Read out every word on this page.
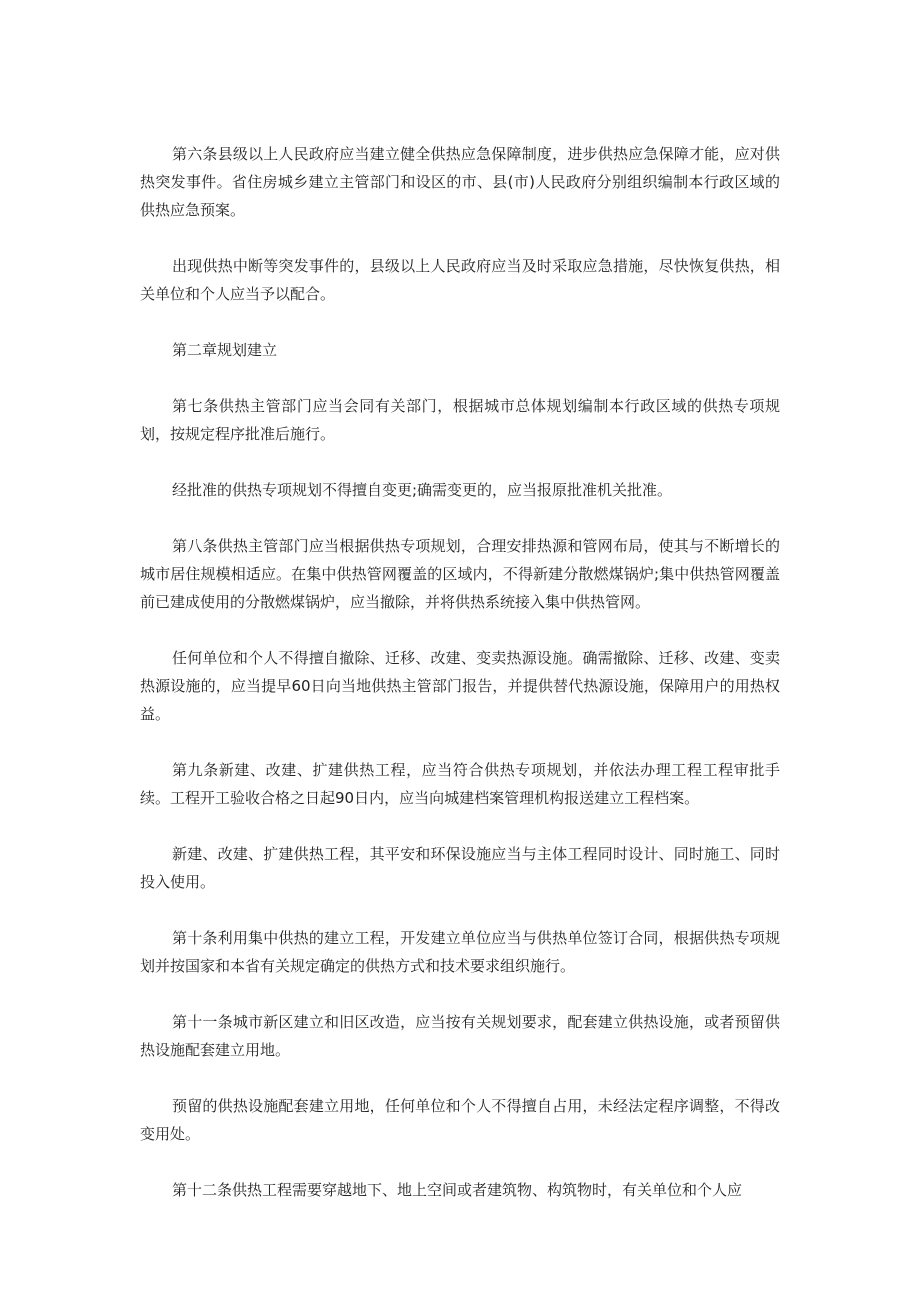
第六条县级以上人民政府应当建立健全供热应急保障制度，进步供热应急保障才能，应对供热突发事件。省住房城乡建立主管部门和设区的市、县(市)人民政府分别组织编制本行政区域的供热应急预案。

出现供热中断等突发事件的，县级以上人民政府应当及时采取应急措施，尽快恢复供热，相关单位和个人应当予以配合。

第二章规划建立

第七条供热主管部门应当会同有关部门，根据城市总体规划编制本行政区域的供热专项规划，按规定程序批准后施行。

经批准的供热专项规划不得擅自变更;确需变更的，应当报原批准机关批准。

第八条供热主管部门应当根据供热专项规划，合理安排热源和管网布局，使其与不断增长的城市居住规模相适应。在集中供热管网覆盖的区域内，不得新建分散燃煤锅炉;集中供热管网覆盖前已建成使用的分散燃煤锅炉，应当撤除，并将供热系统接入集中供热管网。

任何单位和个人不得擅自撤除、迁移、改建、变卖热源设施。确需撤除、迁移、改建、变卖热源设施的，应当提早60日向当地供热主管部门报告，并提供替代热源设施，保障用户的用热权益。

第九条新建、改建、扩建供热工程，应当符合供热专项规划，并依法办理工程工程审批手续。工程开工验收合格之日起90日内，应当向城建档案管理机构报送建立工程档案。

新建、改建、扩建供热工程，其平安和环保设施应当与主体工程同时设计、同时施工、同时投入使用。

第十条利用集中供热的建立工程，开发建立单位应当与供热单位签订合同，根据供热专项规划并按国家和本省有关规定确定的供热方式和技术要求组织施行。

第十一条城市新区建立和旧区改造，应当按有关规划要求，配套建立供热设施，或者预留供热设施配套建立用地。

预留的供热设施配套建立用地，任何单位和个人不得擅自占用，未经法定程序调整，不得改变用处。

第十二条供热工程需要穿越地下、地上空间或者建筑物、构筑物时，有关单位和个人应
